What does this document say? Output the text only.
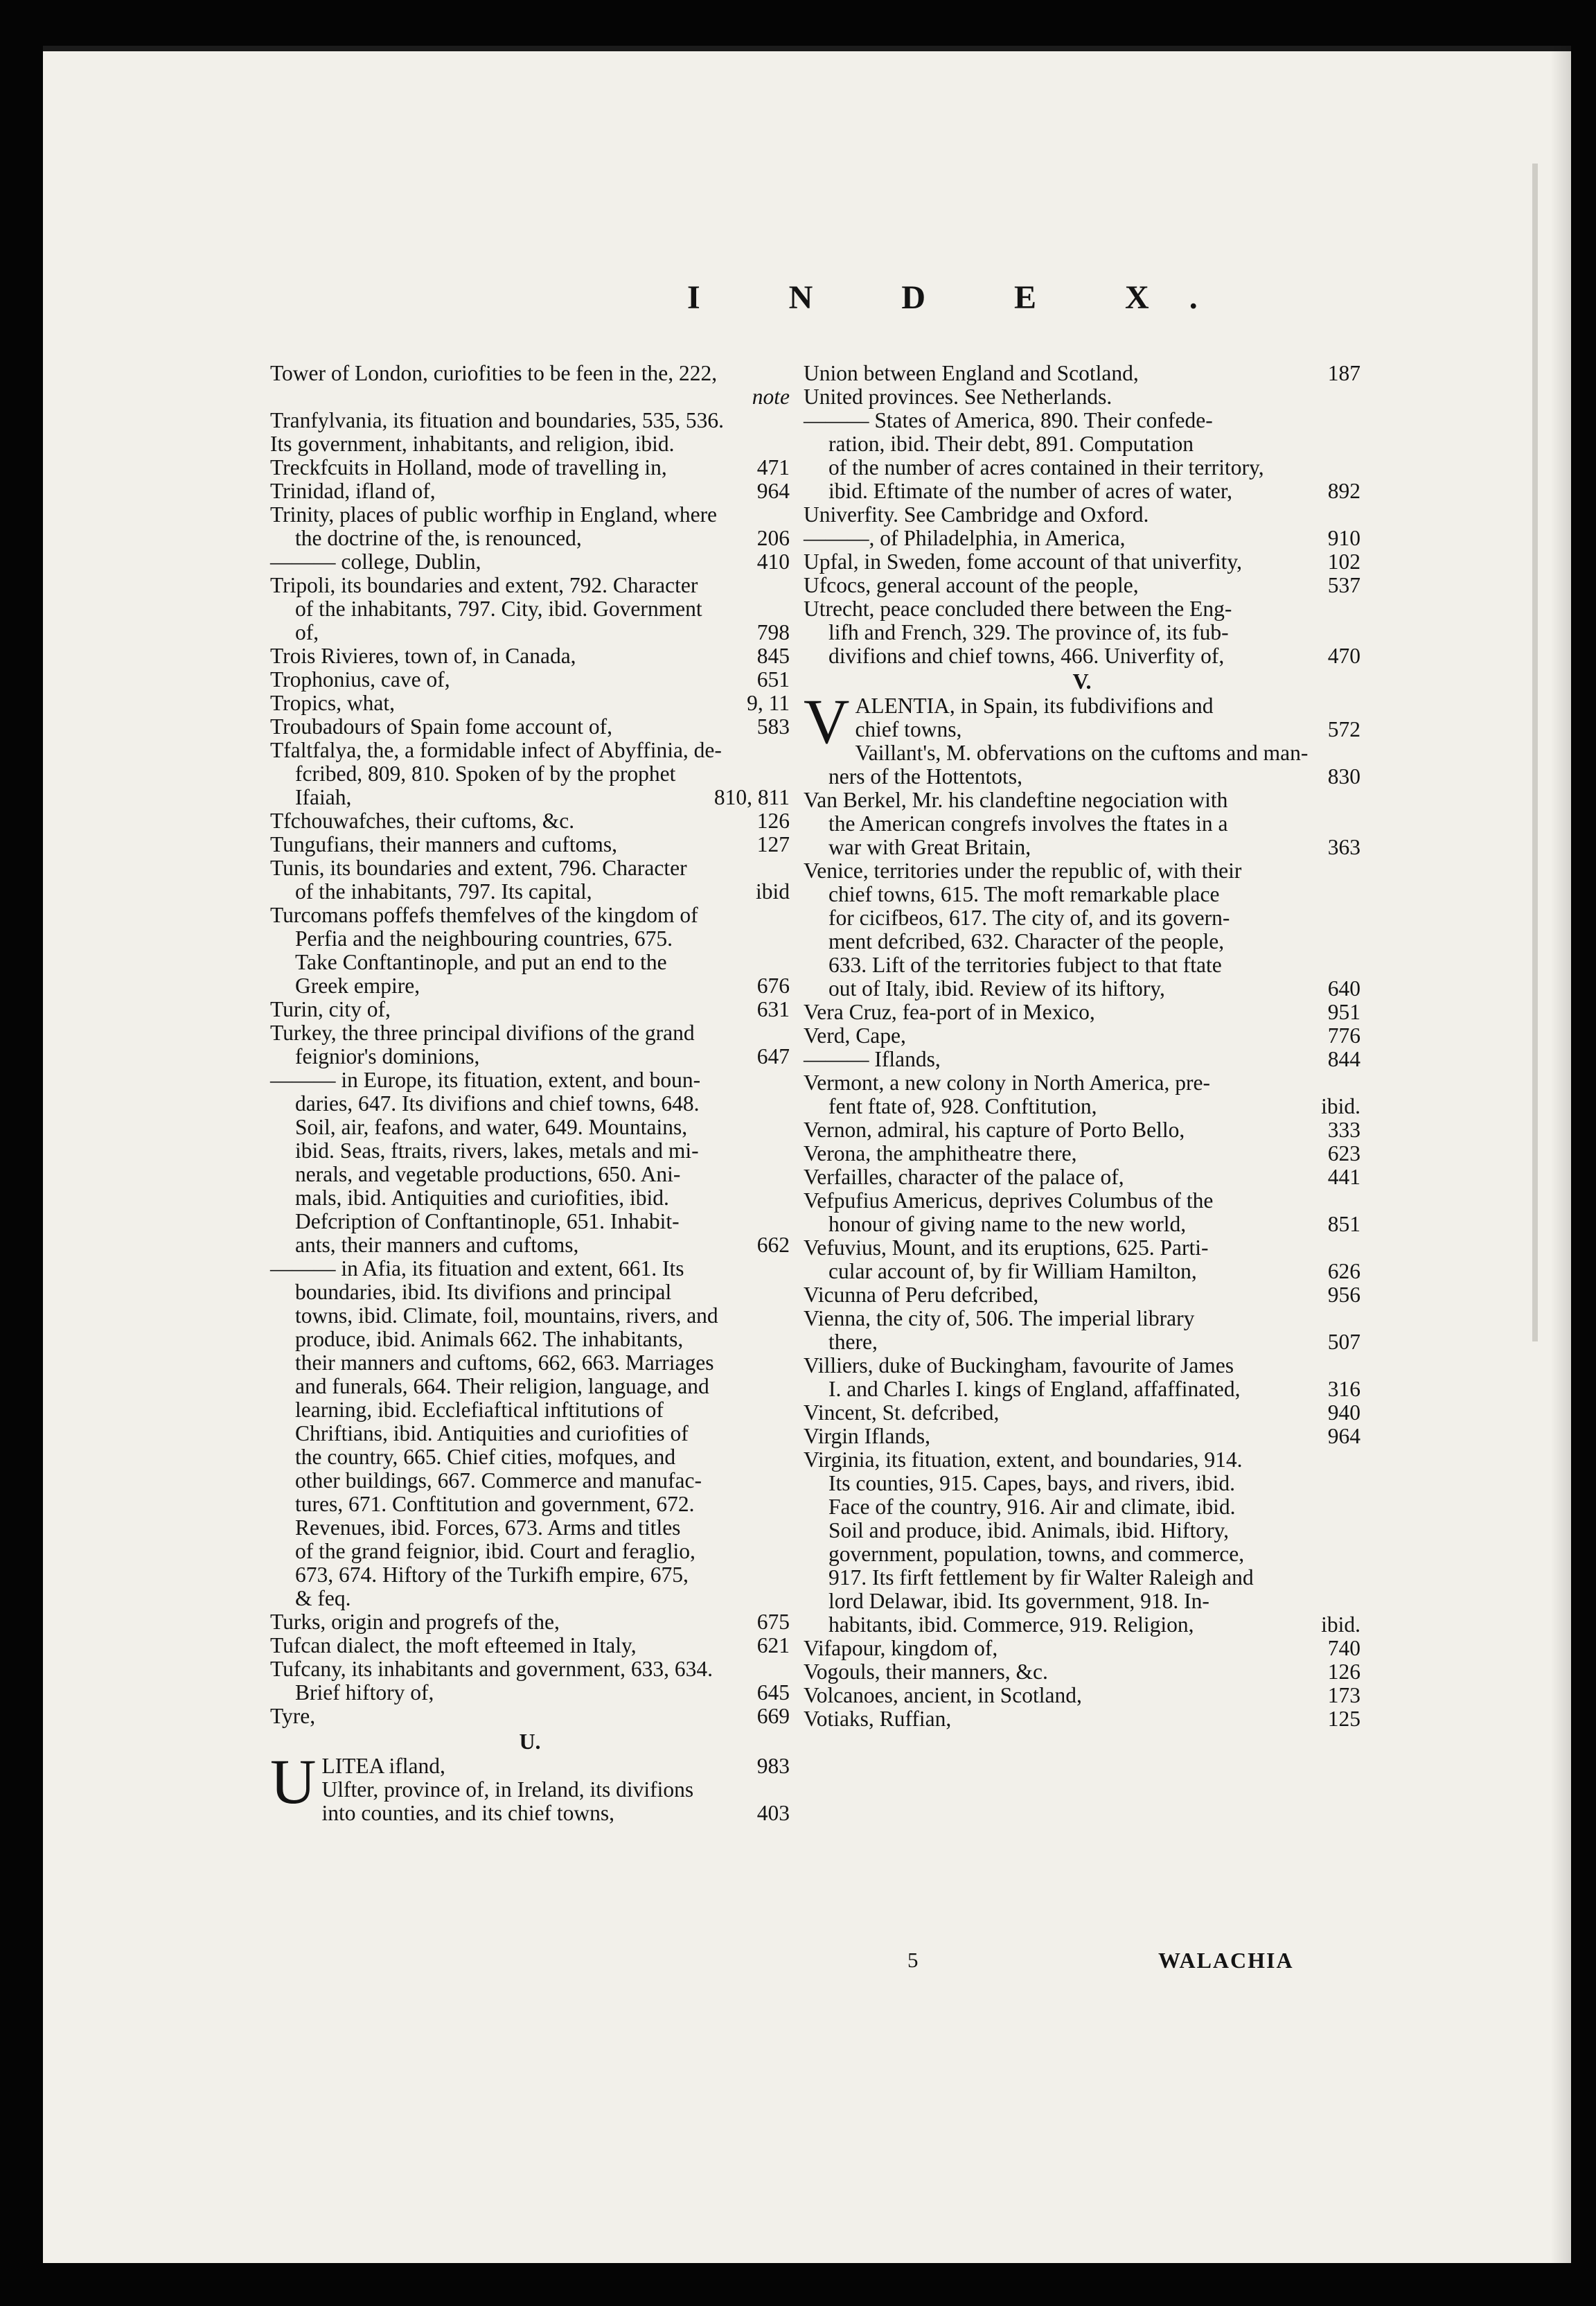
I N D E X.
Tower of London, curiofities to be feen in the, 222,
note
Tranfylvania, its fituation and boundaries, 535, 536.
Its government, inhabitants, and religion, ibid.
Treckfcuits in Holland, mode of travelling in,	471
Trinidad, ifland of,	964
Trinity, places of public worfhip in England, where
the doctrine of the, is renounced,	206
——— college, Dublin,	410
Tripoli, its boundaries and extent, 792. Character
of the inhabitants, 797. City, ibid. Government
of,	798
Trois Rivieres, town of, in Canada,	845
Trophonius, cave of,	651
Tropics, what,	9, 11
Troubadours of Spain fome account of,	583
Tfaltfalya, the, a formidable infect of Abyffinia, de-
fcribed, 809, 810. Spoken of by the prophet
Ifaiah,	810, 811
Tfchouwafches, their cuftoms, &c.	126
Tungufians, their manners and cuftoms,	127
Tunis, its boundaries and extent, 796. Character
of the inhabitants, 797. Its capital,	ibid
Turcomans poffefs themfelves of the kingdom of
Perfia and the neighbouring countries, 675.
Take Conftantinople, and put an end to the
Greek empire,	676
Turin, city of,	631
Turkey, the three principal divifions of the grand
feignior's dominions,	647
——— in Europe, its fituation, extent, and boun-
daries, 647. Its divifions and chief towns, 648.
Soil, air, feafons, and water, 649. Mountains,
ibid. Seas, ftraits, rivers, lakes, metals and mi-
nerals, and vegetable productions, 650. Ani-
mals, ibid. Antiquities and curiofities, ibid.
Defcription of Conftantinople, 651. Inhabit-
ants, their manners and cuftoms,	662
——— in Afia, its fituation and extent, 661. Its
boundaries, ibid. Its divifions and principal
towns, ibid. Climate, foil, mountains, rivers, and
produce, ibid. Animals 662. The inhabitants,
their manners and cuftoms, 662, 663. Marriages
and funerals, 664. Their religion, language, and
learning, ibid. Ecclefiaftical inftitutions of
Chriftians, ibid. Antiquities and curiofities of
the country, 665. Chief cities, mofques, and
other buildings, 667. Commerce and manufac-
tures, 671. Conftitution and government, 672.
Revenues, ibid. Forces, 673. Arms and titles
of the grand feignior, ibid. Court and feraglio,
673, 674. Hiftory of the Turkifh empire, 675,
& feq.
Turks, origin and progrefs of the,	675
Tufcan dialect, the moft efteemed in Italy,	621
Tufcany, its inhabitants and government, 633, 634.
Brief hiftory of,	645
Tyre,	669
U.
U LITEA ifland,	983
Ulfter, province of, in Ireland, its divifions
into counties, and its chief towns,	403
Union between England and Scotland,	187
United provinces. See Netherlands.
——— States of America, 890. Their confede-
ration, ibid. Their debt, 891. Computation
of the number of acres contained in their territory,
ibid. Eftimate of the number of acres of water,	892
Univerfity. See Cambridge and Oxford.
———, of Philadelphia, in America,	910
Upfal, in Sweden, fome account of that univerfity,	102
Ufcocs, general account of the people,	537
Utrecht, peace concluded there between the Eng-
lifh and French, 329. The province of, its fub-
divifions and chief towns, 466. Univerfity of,	470
V.
V ALENTIA, in Spain, its fubdivifions and
chief towns,	572
Vaillant's, M. obfervations on the cuftoms and man-
ners of the Hottentots,	830
Van Berkel, Mr. his clandeftine negociation with
the American congrefs involves the ftates in a
war with Great Britain,	363
Venice, territories under the republic of, with their
chief towns, 615. The moft remarkable place
for cicifbeos, 617. The city of, and its govern-
ment defcribed, 632. Character of the people,
633. Lift of the territories fubject to that ftate
out of Italy, ibid. Review of its hiftory,	640
Vera Cruz, fea-port of in Mexico,	951
Verd, Cape,	776
——— Iflands,	844
Vermont, a new colony in North America, pre-
fent ftate of, 928. Conftitution,	ibid.
Vernon, admiral, his capture of Porto Bello,	333
Verona, the amphitheatre there,	623
Verfailles, character of the palace of,	441
Vefpufius Americus, deprives Columbus of the
honour of giving name to the new world,	851
Vefuvius, Mount, and its eruptions, 625. Parti-
cular account of, by fir William Hamilton,	626
Vicunna of Peru defcribed,	956
Vienna, the city of, 506. The imperial library
there,	507
Villiers, duke of Buckingham, favourite of James
I. and Charles I. kings of England, affaffinated,	316
Vincent, St. defcribed,	940
Virgin Iflands,	964
Virginia, its fituation, extent, and boundaries, 914.
Its counties, 915. Capes, bays, and rivers, ibid.
Face of the country, 916. Air and climate, ibid.
Soil and produce, ibid. Animals, ibid. Hiftory,
government, population, towns, and commerce,
917. Its firft fettlement by fir Walter Raleigh and
lord Delawar, ibid. Its government, 918. In-
habitants, ibid. Commerce, 919. Religion,	ibid.
Vifapour, kingdom of,	740
Vogouls, their manners, &c.	126
Volcanoes, ancient, in Scotland,	173
Votiaks, Ruffian,	125
5	WALACHIA
